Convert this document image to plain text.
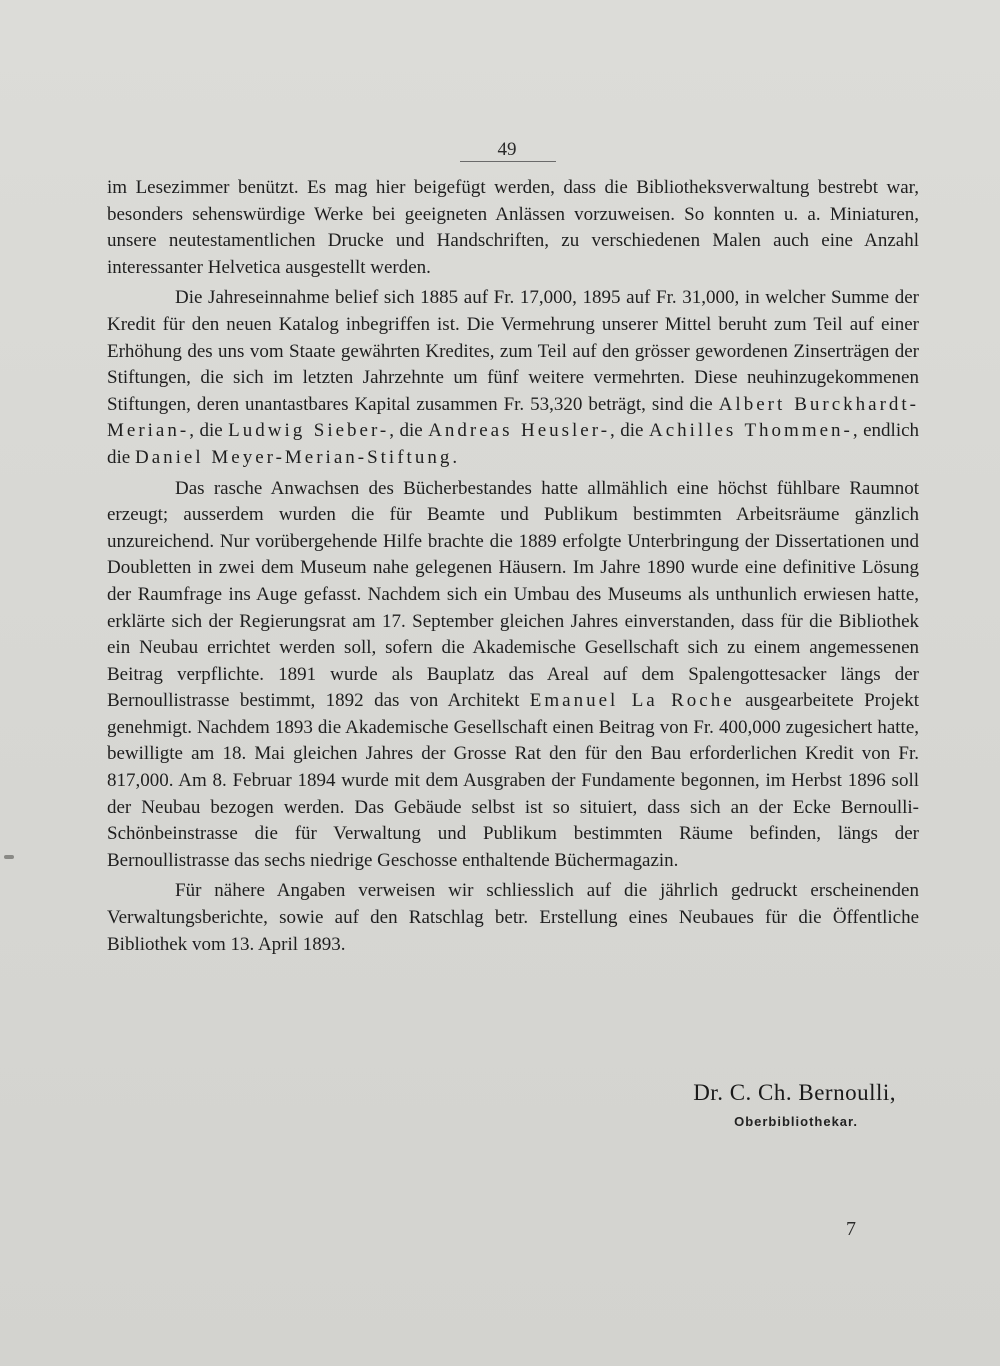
49

im Lesezimmer benützt. Es mag hier beigefügt werden, dass die Bibliotheksverwaltung bestrebt war, besonders sehenswürdige Werke bei geeigneten Anlässen vorzuweisen. So konnten u. a. Miniaturen, unsere neutestamentlichen Drucke und Handschriften, zu verschiedenen Malen auch eine Anzahl interessanter Helvetica ausgestellt werden.

Die Jahreseinnahme belief sich 1885 auf Fr. 17,000, 1895 auf Fr. 31,000, in welcher Summe der Kredit für den neuen Katalog inbegriffen ist. Die Vermehrung unserer Mittel beruht zum Teil auf einer Erhöhung des uns vom Staate gewährten Kredites, zum Teil auf den grösser gewordenen Zinserträgen der Stiftungen, die sich im letzten Jahrzehnte um fünf weitere vermehrten. Diese neuhinzugekommenen Stiftungen, deren unantastbares Kapital zusammen Fr. 53,320 beträgt, sind die Albert Burckhardt-Merian-, die Ludwig Sieber-, die Andreas Heusler-, die Achilles Thommen-, endlich die Daniel Meyer-Merian-Stiftung.

Das rasche Anwachsen des Bücherbestandes hatte allmählich eine höchst fühlbare Raumnot erzeugt; ausserdem wurden die für Beamte und Publikum bestimmten Arbeitsräume gänzlich unzureichend. Nur vorübergehende Hilfe brachte die 1889 erfolgte Unterbringung der Dissertationen und Doubletten in zwei dem Museum nahe gelegenen Häusern. Im Jahre 1890 wurde eine definitive Lösung der Raumfrage ins Auge gefasst. Nachdem sich ein Umbau des Museums als unthunlich erwiesen hatte, erklärte sich der Regierungsrat am 17. September gleichen Jahres einverstanden, dass für die Bibliothek ein Neubau errichtet werden soll, sofern die Akademische Gesellschaft sich zu einem angemessenen Beitrag verpflichte. 1891 wurde als Bauplatz das Areal auf dem Spalengottesacker längs der Bernoullistrasse bestimmt, 1892 das von Architekt Emanuel La Roche ausgearbeitete Projekt genehmigt. Nachdem 1893 die Akademische Gesellschaft einen Beitrag von Fr. 400,000 zugesichert hatte, bewilligte am 18. Mai gleichen Jahres der Grosse Rat den für den Bau erforderlichen Kredit von Fr. 817,000. Am 8. Februar 1894 wurde mit dem Ausgraben der Fundamente begonnen, im Herbst 1896 soll der Neubau bezogen werden. Das Gebäude selbst ist so situiert, dass sich an der Ecke Bernoulli-Schönbeinstrasse die für Verwaltung und Publikum bestimmten Räume befinden, längs der Bernoullistrasse das sechs niedrige Geschosse enthaltende Büchermagazin.

Für nähere Angaben verweisen wir schliesslich auf die jährlich gedruckt erscheinenden Verwaltungsberichte, sowie auf den Ratschlag betr. Erstellung eines Neubaues für die Öffentliche Bibliothek vom 13. April 1893.

Dr. C. Ch. Bernoulli,
Oberbibliothekar.
7
